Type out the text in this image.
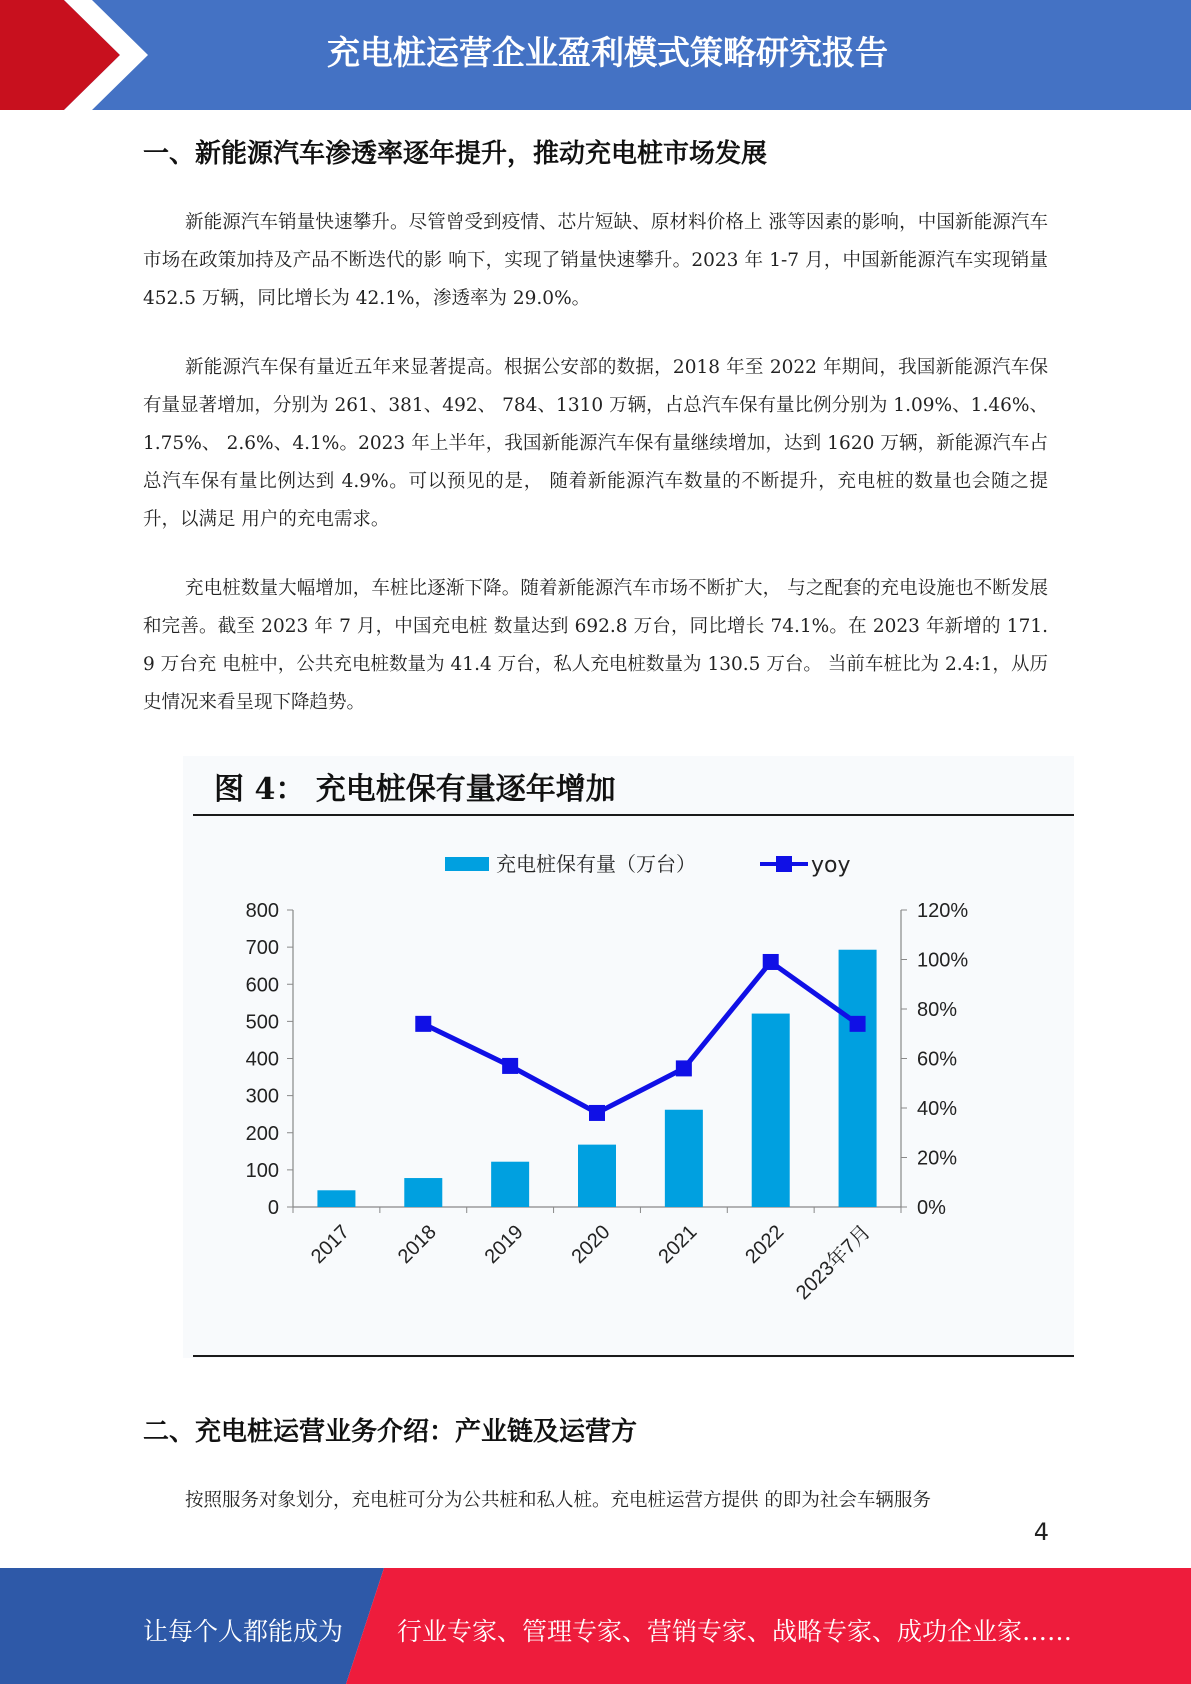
充电桩运营企业盈利模式策略研究报告
一、新能源汽车渗透率逐年提升，推动充电桩市场发展
新能源汽车销量快速攀升。尽管曾受到疫情、芯片短缺、原材料价格上 涨等因素的影响，中国新能源汽车市场在政策加持及产品不断迭代的影 响下，实现了销量快速攀升。2023 年 1-7 月，中国新能源汽车实现销量 452.5 万辆，同比增长为 42.1%，渗透率为 29.0%。
新能源汽车保有量近五年来显著提高。根据公安部的数据，2018 年至 2022 年期间，我国新能源汽车保有量显著增加，分别为 261、381、492、 784、1310 万辆，占总汽车保有量比例分别为 1.09%、1.46%、1.75%、 2.6%、4.1%。2023 年上半年，我国新能源汽车保有量继续增加，达到 1620 万辆，新能源汽车占总汽车保有量比例达到 4.9%。可以预见的是， 随着新能源汽车数量的不断提升，充电桩的数量也会随之提升，以满足 用户的充电需求。
充电桩数量大幅增加，车桩比逐渐下降。随着新能源汽车市场不断扩大， 与之配套的充电设施也不断发展和完善。截至 2023 年 7 月，中国充电桩 数量达到 692.8 万台，同比增长 74.1%。在 2023 年新增的 171.9 万台充 电桩中，公共充电桩数量为 41.4 万台，私人充电桩数量为 130.5 万台。 当前车桩比为 2.4:1，从历史情况来看呈现下降趋势。
图 4： 充电桩保有量逐年增加
充电桩保有量（万台）	yoy
0
100
200
300
400
500
600
700
800
0%
20%
40%
60%
80%
100%
120%
2017 2018 2019 2020 2021 2022 2023年7月
二、充电桩运营业务介绍：产业链及运营方
按照服务对象划分，充电桩可分为公共桩和私人桩。充电桩运营方提供 的即为社会车辆服务
4
让每个人都能成为 行业专家、管理专家、营销专家、战略专家、成功企业家……
